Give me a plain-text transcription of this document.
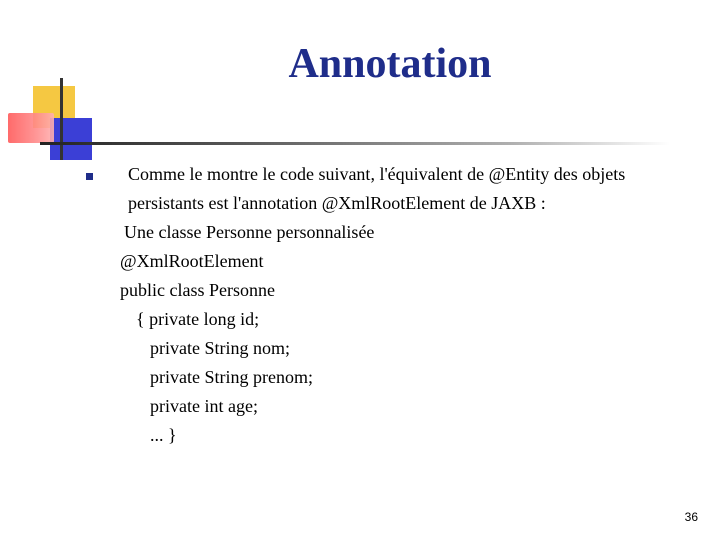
Annotation
Comme le montre le code suivant, l'équivalent de @Entity des objets
persistants est l'annotation @XmlRootElement de JAXB :
Une classe Personne personnalisée
@XmlRootElement
public class Personne
{ private long id;
private String nom;
private String prenom;
private int age;
... }
36
